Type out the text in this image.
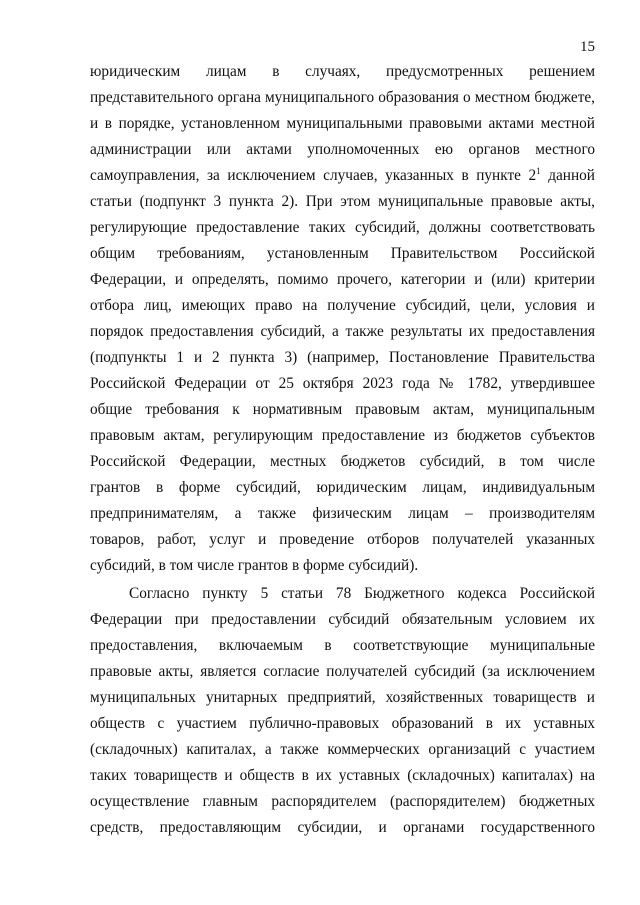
15
юридическим лицам в случаях, предусмотренных решением
представительного органа муниципального образования о местном бюджете,
и в порядке, установленном муниципальными правовыми актами местной
администрации или актами уполномоченных ею органов местного
самоуправления, за исключением случаев, указанных в пункте $2^1$ данной
статьи (подпункт 3 пункта 2). При этом муниципальные правовые акты,
регулирующие предоставление таких субсидий, должны соответствовать
общим требованиям, установленным Правительством Российской
Федерации, и определять, помимо прочего, категории и (или) критерии
отбора лиц, имеющих право на получение субсидий, цели, условия и
порядок предоставления субсидий, а также результаты их предоставления
(подпункты 1 и 2 пункта 3) (например, Постановление Правительства
Российской Федерации от 25 октября 2023 года № 1782, утвердившее
общие требования к нормативным правовым актам, муниципальным
правовым актам, регулирующим предоставление из бюджетов субъектов
Российской Федерации, местных бюджетов субсидий, в том числе
грантов в форме субсидий, юридическим лицам, индивидуальным
предпринимателям, а также физическим лицам – производителям
товаров, работ, услуг и проведение отборов получателей указанных
субсидий, в том числе грантов в форме субсидий).
Согласно пункту 5 статьи 78 Бюджетного кодекса Российской
Федерации при предоставлении субсидий обязательным условием их
предоставления, включаемым в соответствующие муниципальные
правовые акты, является согласие получателей субсидий (за исключением
муниципальных унитарных предприятий, хозяйственных товариществ и
обществ с участием публично-правовых образований в их уставных
(складочных) капиталах, а также коммерческих организаций с участием
таких товариществ и обществ в их уставных (складочных) капиталах) на
осуществление главным распорядителем (распорядителем) бюджетных
средств, предоставляющим субсидии, и органами государственного
